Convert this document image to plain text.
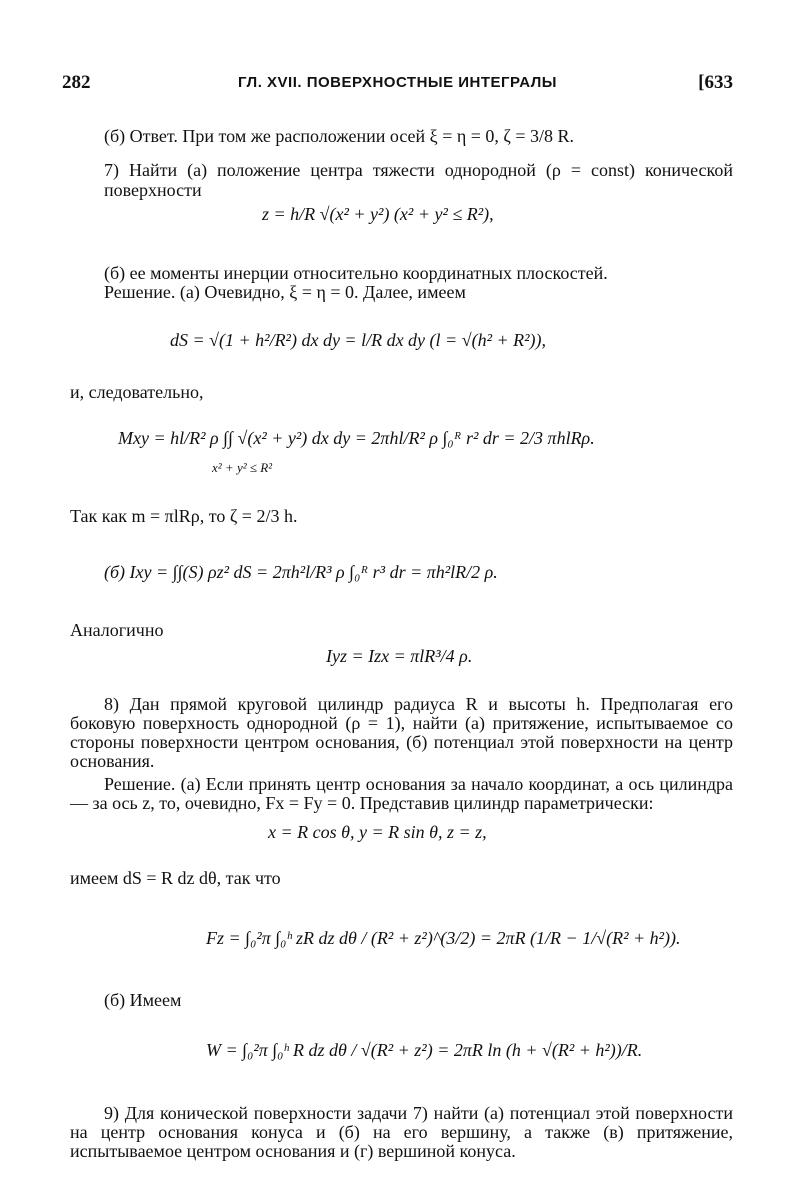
282	ГЛ. XVII. ПОВЕРХНОСТНЫЕ ИНТЕГРАЛЫ	[633
(б) Ответ. При том же расположении осей ξ = η = 0, ζ = 3/8 R.
7) Найти (а) положение центра тяжести однородной (ρ = const) конической поверхности
z = h/R √(x² + y²) (x² + y² ≤ R²),
(б) ее моменты инерции относительно координатных плоскостей.
Решение. (а) Очевидно, ξ = η = 0. Далее, имеем
dS = √(1 + h²/R²) dx dy = l/R dx dy (l = √(h² + R²)),
и, следовательно,
Mxy = hl/R² ρ ∫∫ √(x² + y²) dx dy = 2πhl/R² ρ ∫₀ᴿ r² dr = 2/3 πhlRρ.
x² + y² ≤ R²
Так как m = πlRρ, то ζ = 2/3 h.
(б) Ixy = ∫∫(S) ρz² dS = 2πh²l/R³ ρ ∫₀ᴿ r³ dr = πh²lR/2 ρ.
Аналогично
Iyz = Izx = πlR³/4 ρ.
8) Дан прямой круговой цилиндр радиуса R и высоты h. Предполагая его боковую поверхность однородной (ρ = 1), найти (а) притяжение, испытываемое со стороны поверхности центром основания, (б) потенциал этой поверхности на центр основания.
Решение. (а) Если принять центр основания за начало координат, а ось цилиндра — за ось z, то, очевидно, Fx = Fy = 0. Представив цилиндр параметрически:
x = R cos θ, y = R sin θ, z = z,
имеем dS = R dz dθ, так что
Fz = ∫₀²π ∫₀ʰ zR dz dθ / (R² + z²)^(3/2) = 2πR (1/R − 1/√(R² + h²)).
(б) Имеем
W = ∫₀²π ∫₀ʰ R dz dθ / √(R² + z²) = 2πR ln (h + √(R² + h²))/R.
9) Для конической поверхности задачи 7) найти (а) потенциал этой поверхности на центр основания конуса и (б) на его вершину, а также (в) притяжение, испытываемое центром основания и (г) вершиной конуса.
